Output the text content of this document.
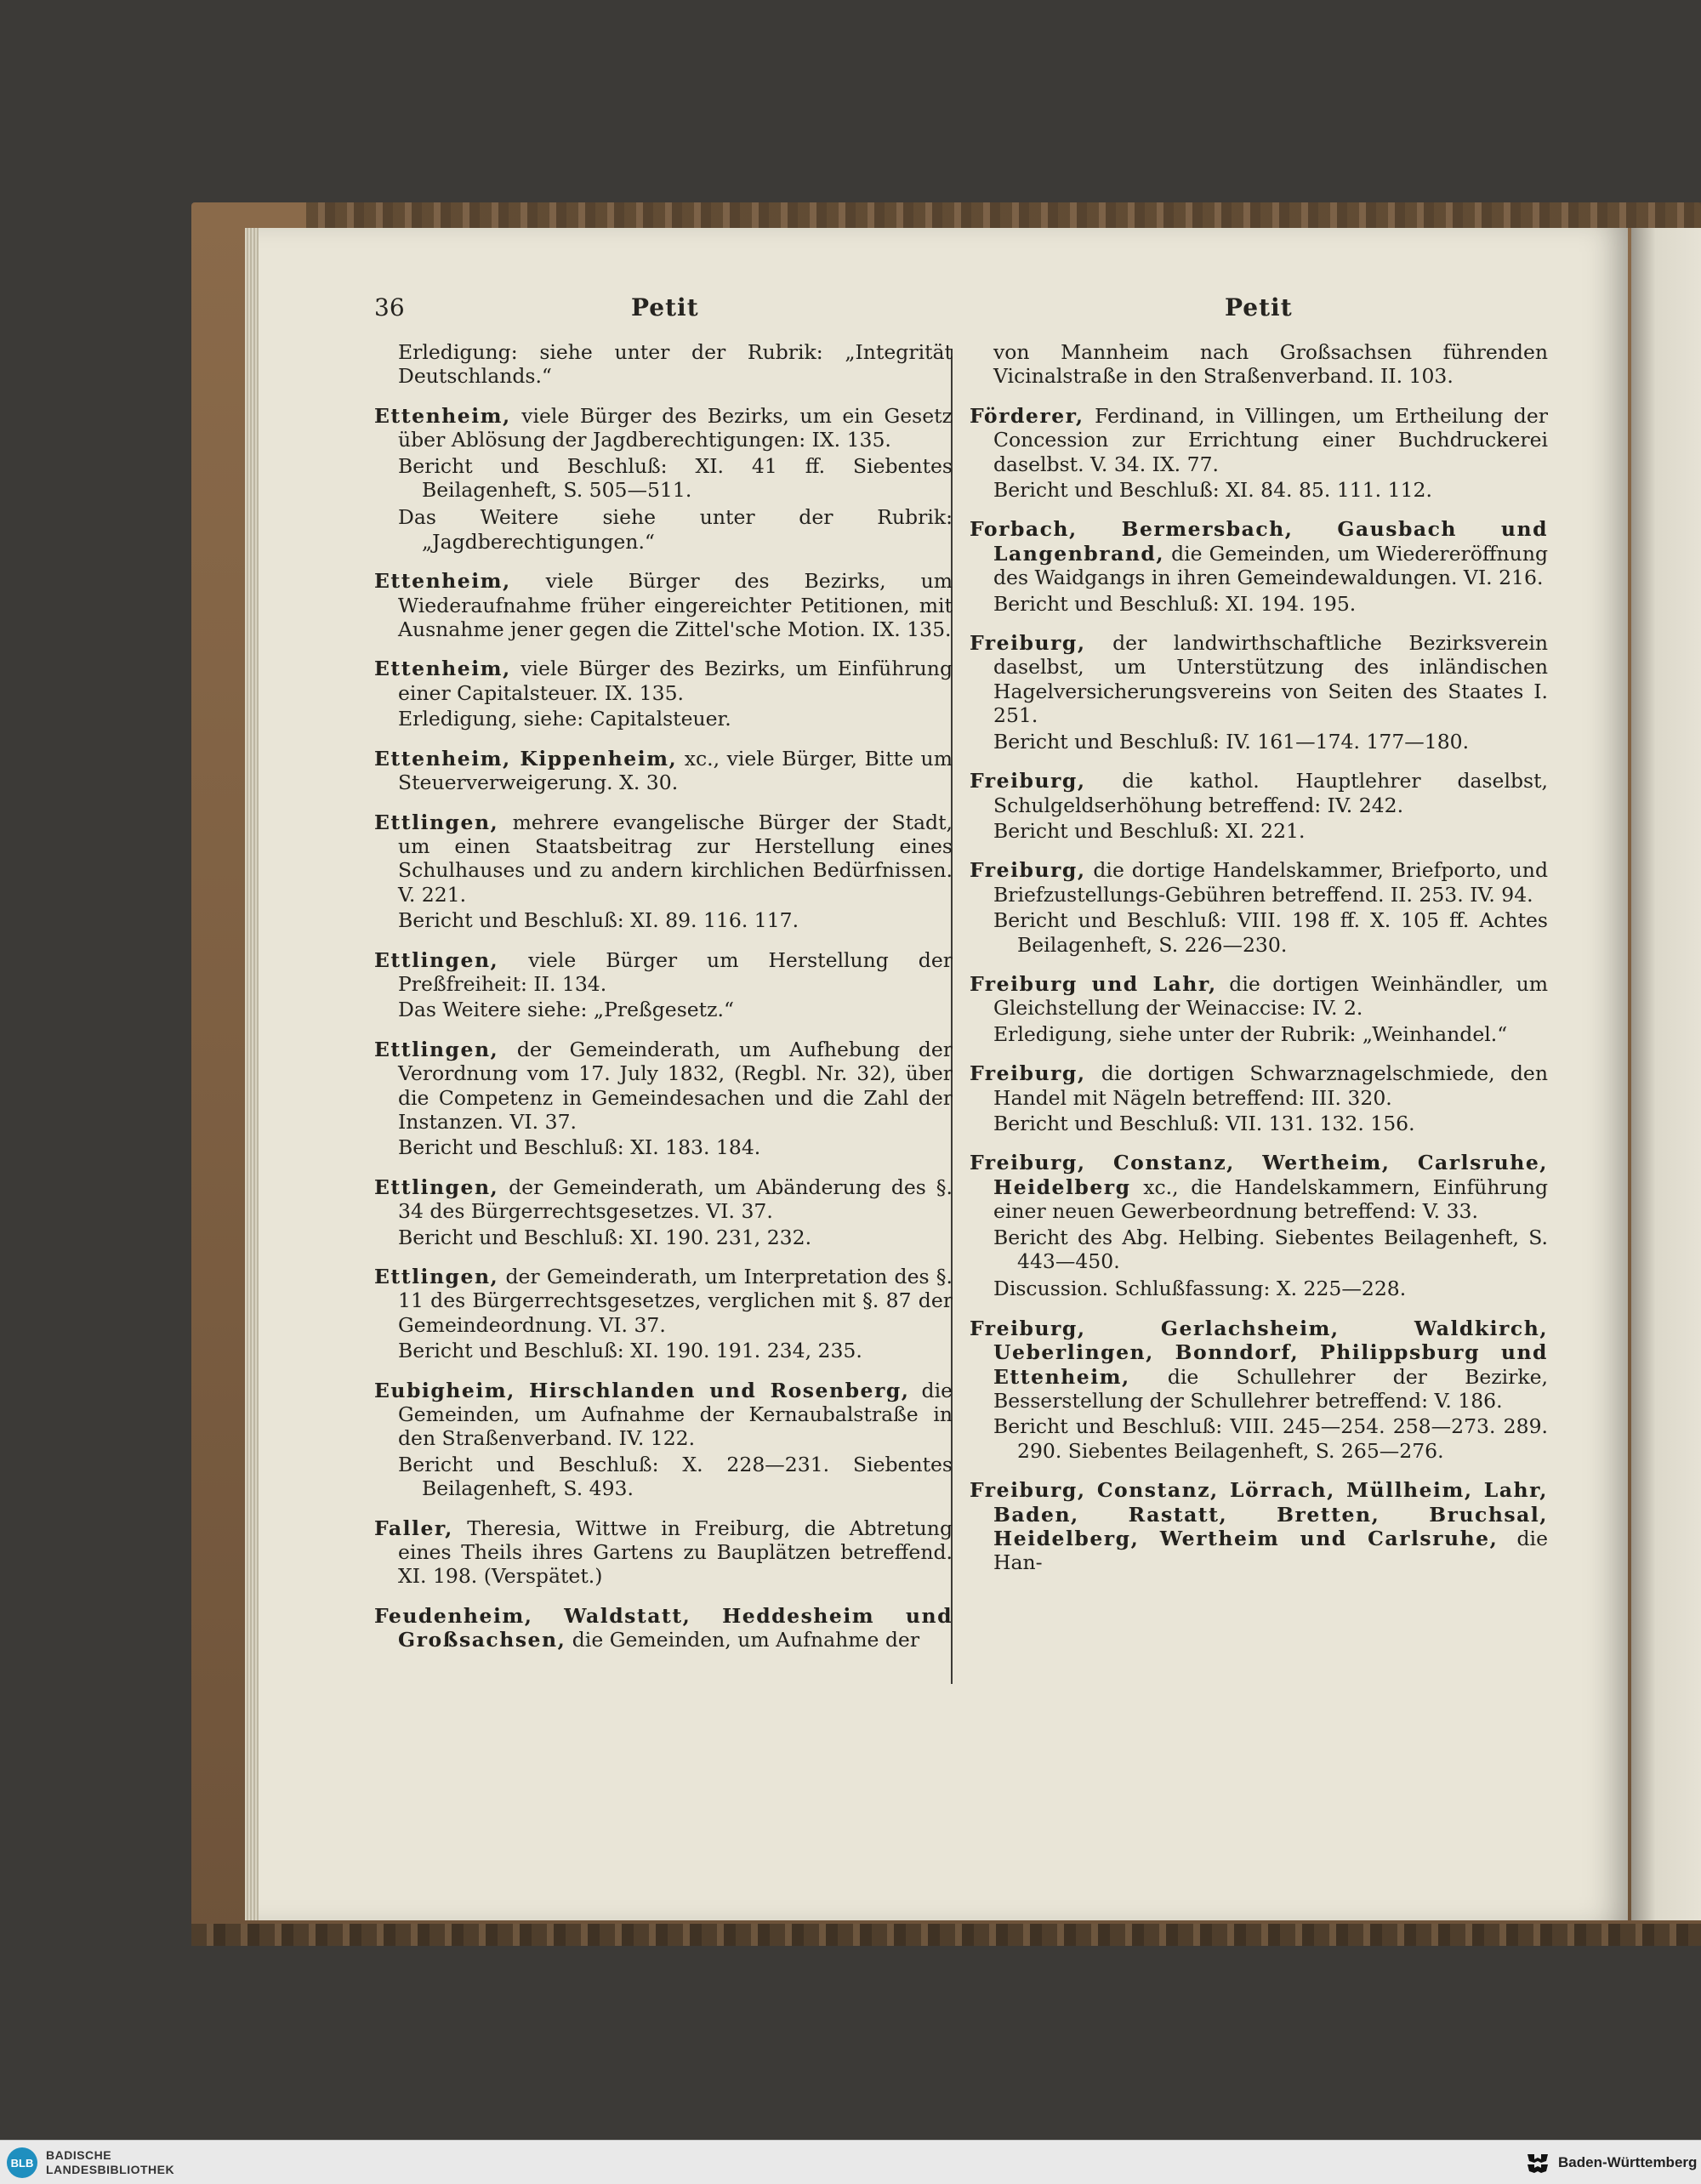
36	Petit	Petit
Erledigung: siehe unter der Rubrik: „Integrität Deutschlands.“
Ettenheim, viele Bürger des Bezirks, um ein Gesetz über Ablösung der Jagdberechtigungen: IX. 135.
Bericht und Beschluß: XI. 41 ff. Siebentes Beilagenheft, S. 505—511.
Das Weitere siehe unter der Rubrik: „Jagdberechtigungen.“
Ettenheim, viele Bürger des Bezirks, um Wiederaufnahme früher eingereichter Petitionen, mit Ausnahme jener gegen die Zittel'sche Motion. IX. 135.
Ettenheim, viele Bürger des Bezirks, um Einführung einer Capitalsteuer. IX. 135.
Erledigung, siehe: Capitalsteuer.
Ettenheim, Kippenheim, xc., viele Bürger, Bitte um Steuerverweigerung. X. 30.
Ettlingen, mehrere evangelische Bürger der Stadt, um einen Staatsbeitrag zur Herstellung eines Schulhauses und zu andern kirchlichen Bedürfnissen. V. 221.
Bericht und Beschluß: XI. 89. 116. 117.
Ettlingen, viele Bürger um Herstellung der Preßfreiheit: II. 134.
Das Weitere siehe: „Preßgesetz.“
Ettlingen, der Gemeinderath, um Aufhebung der Verordnung vom 17. July 1832, (Regbl. Nr. 32), über die Competenz in Gemeindesachen und die Zahl der Instanzen. VI. 37.
Bericht und Beschluß: XI. 183. 184.
Ettlingen, der Gemeinderath, um Abänderung des §. 34 des Bürgerrechtsgesetzes. VI. 37.
Bericht und Beschluß: XI. 190. 231, 232.
Ettlingen, der Gemeinderath, um Interpretation des §. 11 des Bürgerrechtsgesetzes, verglichen mit §. 87 der Gemeindeordnung. VI. 37.
Bericht und Beschluß: XI. 190. 191. 234, 235.
Eubigheim, Hirschlanden und Rosenberg, die Gemeinden, um Aufnahme der Kernaubalstraße in den Straßenverband. IV. 122.
Bericht und Beschluß: X. 228—231. Siebentes Beilagenheft, S. 493.
Faller, Theresia, Wittwe in Freiburg, die Abtretung eines Theils ihres Gartens zu Bauplätzen betreffend. XI. 198. (Verspätet.)
Feudenheim, Waldstatt, Heddesheim und Großsachsen, die Gemeinden, um Aufnahme der
von Mannheim nach Großsachsen führenden Vicinalstraße in den Straßenverband. II. 103.
Förderer, Ferdinand, in Villingen, um Ertheilung der Concession zur Errichtung einer Buchdruckerei daselbst. V. 34. IX. 77.
Bericht und Beschluß: XI. 84. 85. 111. 112.
Forbach, Bermersbach, Gausbach und Langenbrand, die Gemeinden, um Wiedereröffnung des Waidgangs in ihren Gemeindewaldungen. VI. 216.
Bericht und Beschluß: XI. 194. 195.
Freiburg, der landwirthschaftliche Bezirksverein daselbst, um Unterstützung des inländischen Hagelversicherungsvereins von Seiten des Staates I. 251.
Bericht und Beschluß: IV. 161—174. 177—180.
Freiburg, die kathol. Hauptlehrer daselbst, Schulgeldserhöhung betreffend: IV. 242.
Bericht und Beschluß: XI. 221.
Freiburg, die dortige Handelskammer, Briefporto, und Briefzustellungs-Gebühren betreffend. II. 253. IV. 94.
Bericht und Beschluß: VIII. 198 ff. X. 105 ff. Achtes Beilagenheft, S. 226—230.
Freiburg und Lahr, die dortigen Weinhändler, um Gleichstellung der Weinaccise: IV. 2.
Erledigung, siehe unter der Rubrik: „Weinhandel.“
Freiburg, die dortigen Schwarznagelschmiede, den Handel mit Nägeln betreffend: III. 320.
Bericht und Beschluß: VII. 131. 132. 156.
Freiburg, Constanz, Wertheim, Carlsruhe, Heidelberg xc., die Handelskammern, Einführung einer neuen Gewerbeordnung betreffend: V. 33.
Bericht des Abg. Helbing. Siebentes Beilagenheft, S. 443—450.
Discussion. Schlußfassung: X. 225—228.
Freiburg, Gerlachsheim, Waldkirch, Ueberlingen, Bonndorf, Philippsburg und Ettenheim, die Schullehrer der Bezirke, Besserstellung der Schullehrer betreffend: V. 186.
Bericht und Beschluß: VIII. 245—254. 258—273. 289. 290. Siebentes Beilagenheft, S. 265—276.
Freiburg, Constanz, Lörrach, Müllheim, Lahr, Baden, Rastatt, Bretten, Bruchsal, Heidelberg, Wertheim und Carlsruhe, die Han-
BLB
BADISCHE
LANDESBIBLIOTHEK	Baden-Württemberg
